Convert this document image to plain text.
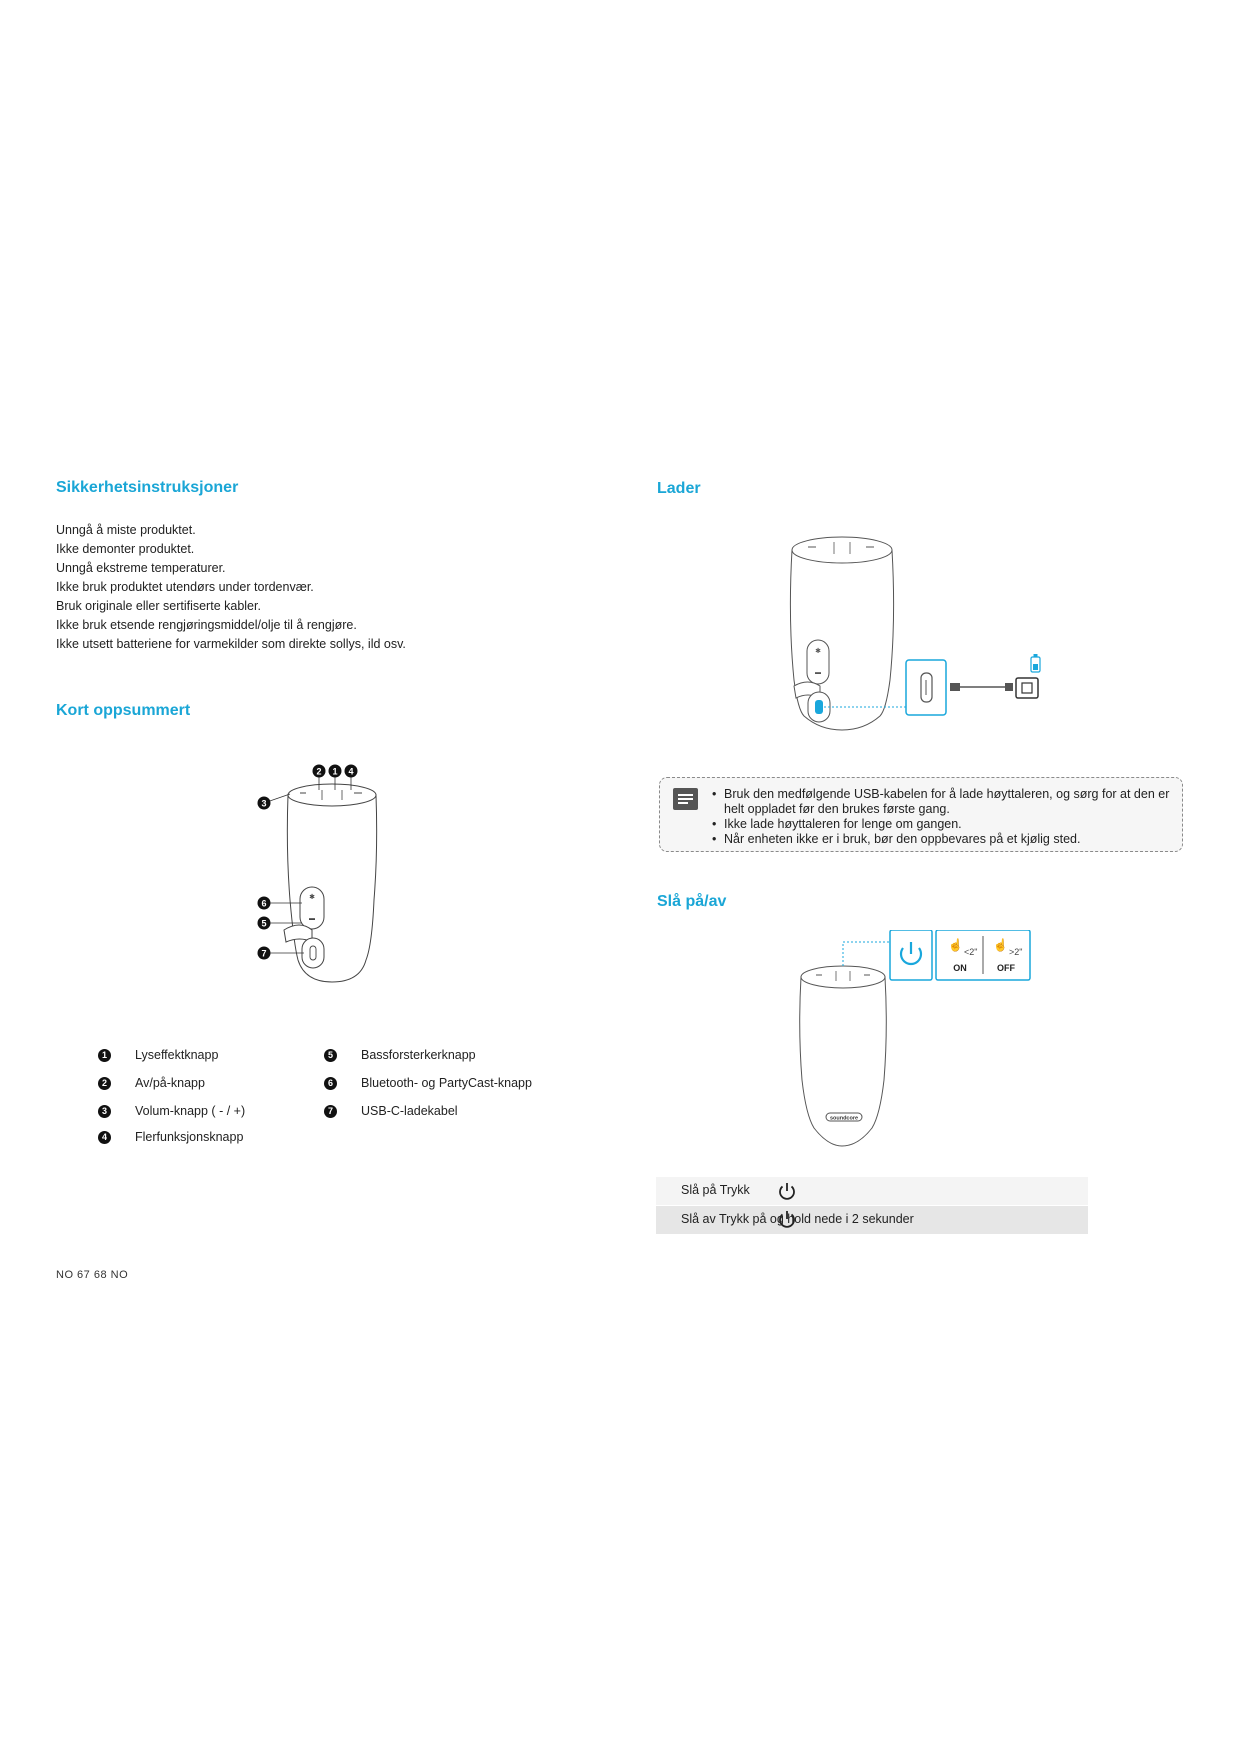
Sikkerhetsinstruksjoner
Unngå å miste produktet.
Ikke demonter produktet.
Unngå ekstreme temperaturer.
Ikke bruk produktet utendørs under tordenvær.
Bruk originale eller sertifiserte kabler.
Ikke bruk etsende rengjøringsmiddel/olje til å rengjøre.
Ikke utsett batteriene for varmekilder som direkte sollys, ild osv.
Kort oppsummert
✱
▬
2 1 4
3
6
5
7
1	Lyseffektknapp
2	Av/på-knapp
3	Volum-knapp ( - / +)
4	Flerfunksjonsknapp
5	Bassforsterkerknapp
6	Bluetooth- og PartyCast-knapp
7	USB-C-ladekabel
NO 67 68 NO
Lader
✱
▬
• Bruk den medfølgende USB-kabelen for å lade høyttaleren, og sørg for at den er helt oppladet før den brukes første gang.
• Ikke lade høyttaleren for lenge om gangen.
• Når enheten ikke er i bruk, bør den oppbevares på et kjølig sted.
Slå på/av
soundcore
☝ <2"
ON
☝ >2"
OFF
Slå på Trykk
Slå av Trykk på og hold nede i 2 sekunder
